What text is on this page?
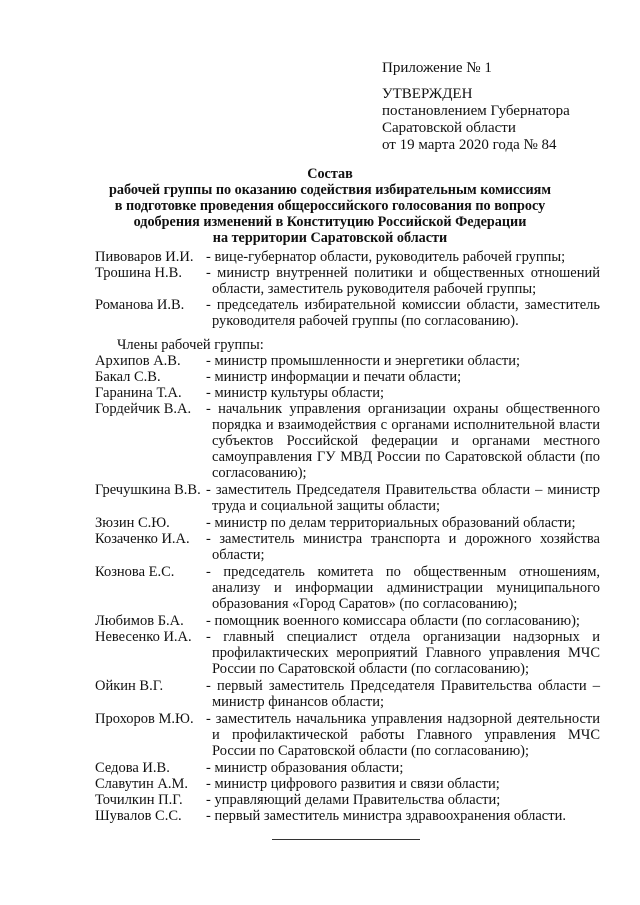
Приложение № 1
УТВЕРЖДЕН
постановлением Губернатора
Саратовской области
от 19 марта 2020 года № 84
Состав
рабочей группы по оказанию содействия избирательным комиссиям
в подготовке проведения общероссийского голосования по вопросу
одобрения изменений в Конституцию Российской Федерации
на территории Саратовской области
Пивоваров И.И. - вице-губернатор области, руководитель рабочей группы;
Трошина Н.В.	- министр внутренней политики и общественных отношений области, заместитель руководителя рабочей группы;
Романова И.В.	- председатель избирательной комиссии области, заместитель руководителя рабочей группы (по согласованию).
Члены рабочей группы:
Архипов А.В.	- министр промышленности и энергетики области;
Бакал С.В.	- министр информации и печати области;
Гаранина Т.А.	- министр культуры области;
Гордейчик В.А.	- начальник управления организации охраны общественного порядка и взаимодействия с органами исполнительной власти субъектов Российской федерации и органами местного самоуправления ГУ МВД России по Саратовской области (по согласованию);
Гречушкина В.В. - заместитель Председателя Правительства области – министр труда и социальной защиты области;
Зюзин С.Ю.	- министр по делам территориальных образований области;
Козаченко И.А.	- заместитель министра транспорта и дорожного хозяйства области;
Кознова Е.С.	- председатель комитета по общественным отношениям, анализу и информации администрации муниципального образования «Город Саратов» (по согласованию);
Любимов Б.А.	- помощник военного комиссара области (по согласованию);
Невесенко И.А. - главный специалист отдела организации надзорных и профилактических мероприятий Главного управления МЧС России по Саратовской области (по согласованию);
Ойкин В.Г.	- первый заместитель Председателя Правительства области – министр финансов области;
Прохоров М.Ю. - заместитель начальника управления надзорной деятельности и профилактической работы Главного управления МЧС России по Саратовской области (по согласованию);
Седова И.В.	- министр образования области;
Славутин А.М.	- министр цифрового развития и связи области;
Точилкин П.Г.	- управляющий делами Правительства области;
Шувалов С.С.	- первый заместитель министра здравоохранения области.
